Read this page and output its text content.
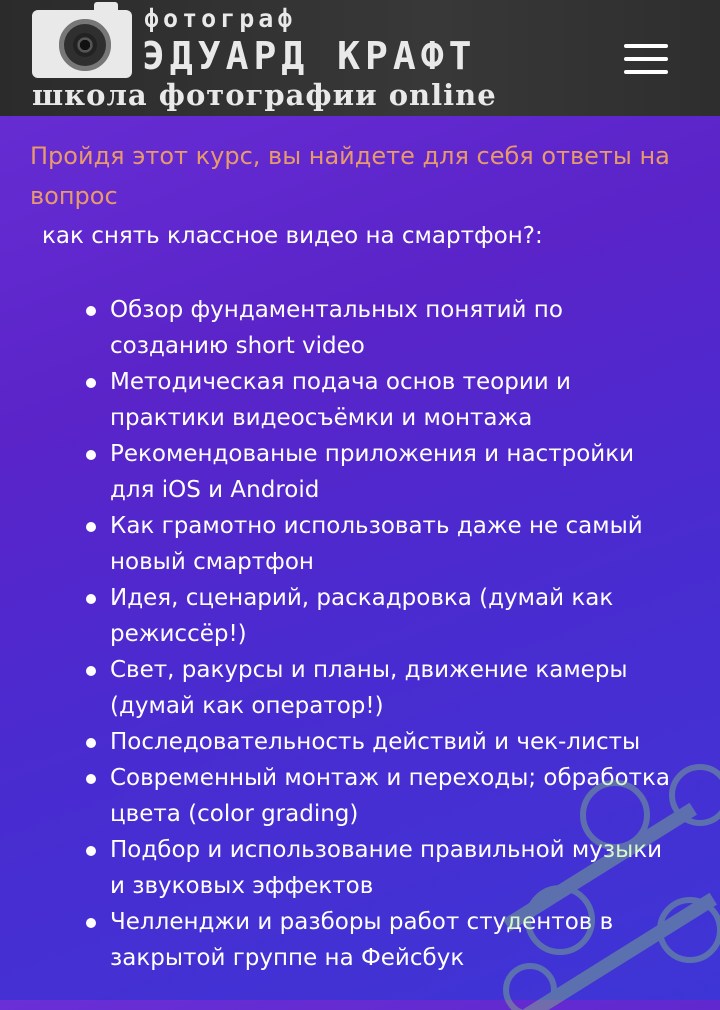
фотограф
ЭДУАРД КРАФТ
школа фотографии online
Пройдя этот курс, вы найдете для себя ответы на вопрос
как снять классное видео на смартфон?:
Обзор фундаментальных понятий по созданию short video
Методическая подача основ теории и практики видеосъёмки и монтажа
Рекомендованые приложения и настройки для iOS и Android
Как грамотно использовать даже не самый новый смартфон
Идея, сценарий, раскадровка (думай как режиссёр!)
Свет, ракурсы и планы, движение камеры (думай как оператор!)
Последовательность действий и чек-листы
Современный монтаж и переходы; обработка цвета (color grading)
Подбор и использование правильной музыки и звуковых эффектов
Челленджи и разборы работ студентов в закрытой группе на Фейсбук
